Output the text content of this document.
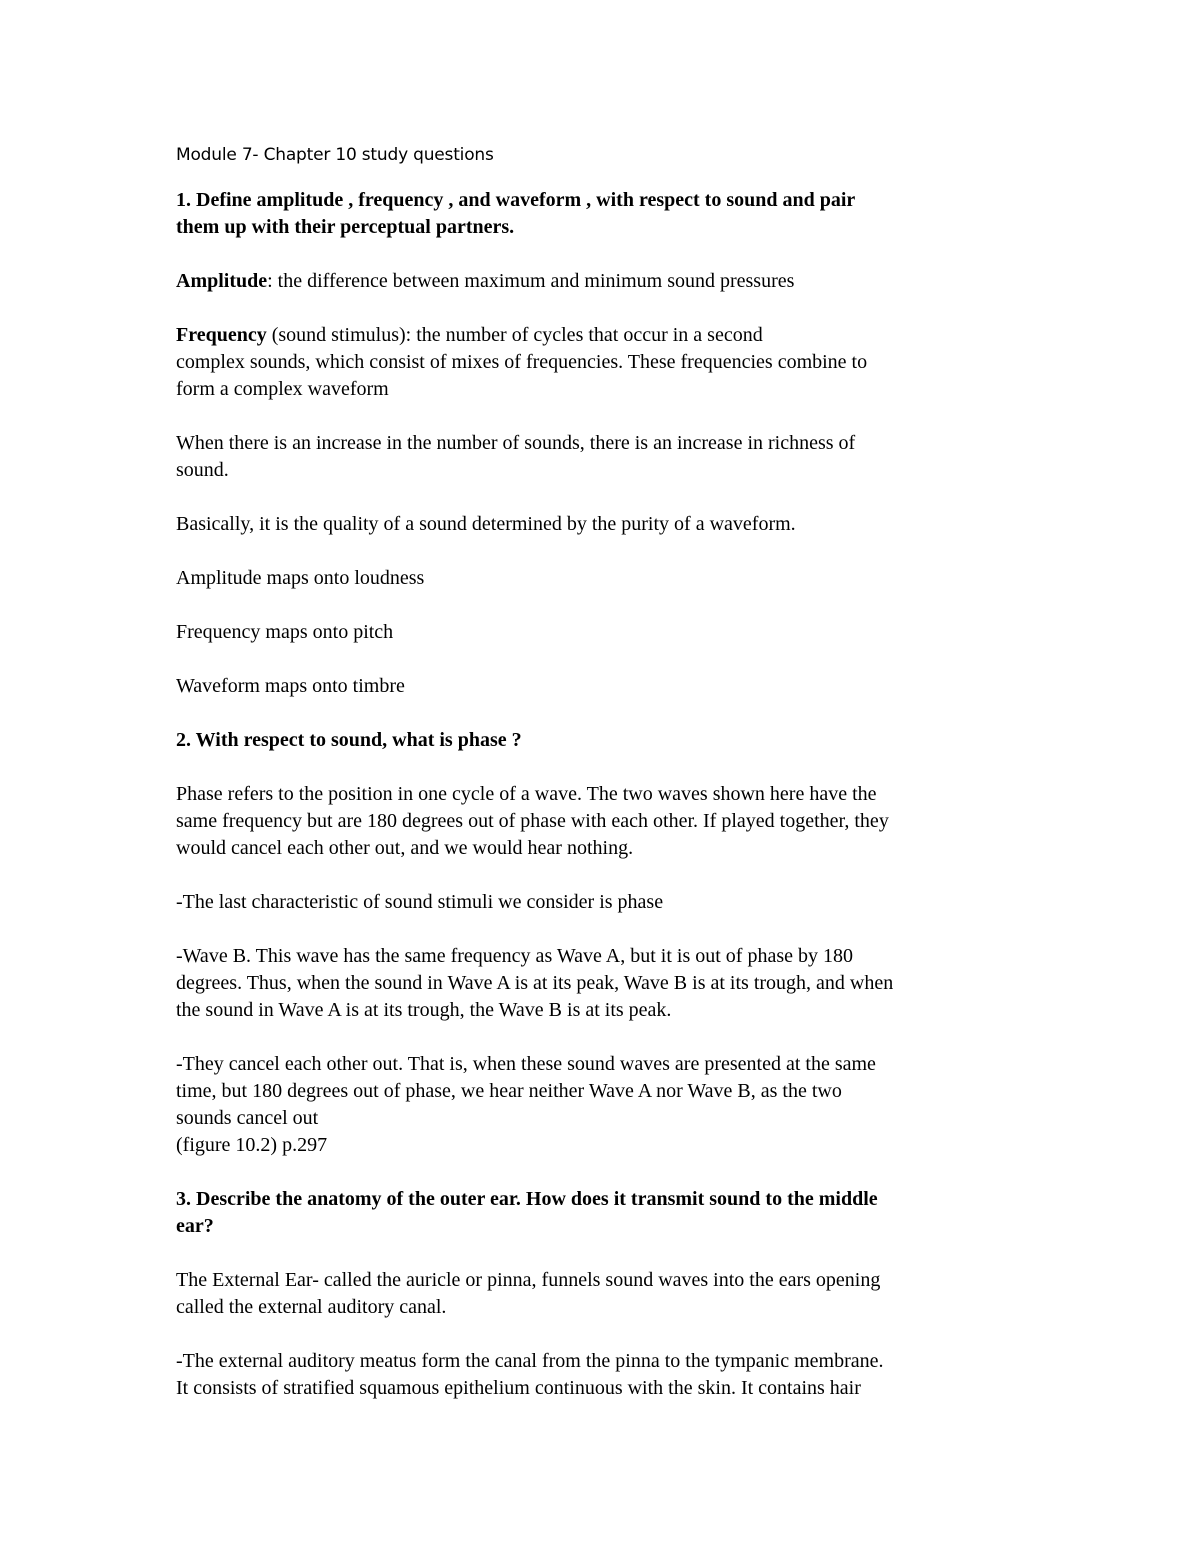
Module 7- Chapter 10 study questions

1. Define amplitude , frequency , and waveform , with respect to sound and pair
them up with their perceptual partners.

Amplitude: the difference between maximum and minimum sound pressures

Frequency (sound stimulus): the number of cycles that occur in a second
complex sounds, which consist of mixes of frequencies. These frequencies combine to
form a complex waveform

When there is an increase in the number of sounds, there is an increase in richness of
sound.

Basically, it is the quality of a sound determined by the purity of a waveform.

Amplitude maps onto loudness

Frequency maps onto pitch

Waveform maps onto timbre

2. With respect to sound, what is phase ?

Phase refers to the position in one cycle of a wave. The two waves shown here have the
same frequency but are 180 degrees out of phase with each other. If played together, they
would cancel each other out, and we would hear nothing.

-The last characteristic of sound stimuli we consider is phase

-Wave B. This wave has the same frequency as Wave A, but it is out of phase by 180
degrees. Thus, when the sound in Wave A is at its peak, Wave B is at its trough, and when
the sound in Wave A is at its trough, the Wave B is at its peak.

-They cancel each other out. That is, when these sound waves are presented at the same
time, but 180 degrees out of phase, we hear neither Wave A nor Wave B, as the two
sounds cancel out
(figure 10.2) p.297

3. Describe the anatomy of the outer ear. How does it transmit sound to the middle
ear?

The External Ear- called the auricle or pinna, funnels sound waves into the ears opening
called the external auditory canal.

-The external auditory meatus form the canal from the pinna to the tympanic membrane.
It consists of stratified squamous epithelium continuous with the skin. It contains hair
